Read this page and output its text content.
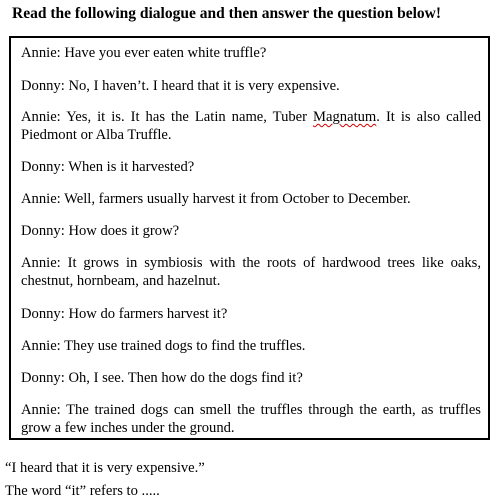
Read the following dialogue and then answer the question below!
Annie : Have you ever eaten white truffle?
Donny : No, I haven’t. I heard that it is very expensive.
Annie : Yes, it is. It has the Latin name, Tuber Magnatum. It is also called Piedmont or Alba Truffle.
Donny : When is it harvested?
Annie : Well, farmers usually harvest it from October to December.
Donny : How does it grow?
Annie : It grows in symbiosis with the roots of hardwood trees like oaks, chestnut, hornbeam, and hazelnut.
Donny : How do farmers harvest it?
Annie : They use trained dogs to find the truffles.
Donny : Oh, I see. Then how do the dogs find it?
Annie : The trained dogs can smell the truffles through the earth, as truffles grow a few inches under the ground.
“I heard that it is very expensive.”
The word “it” refers to .....
